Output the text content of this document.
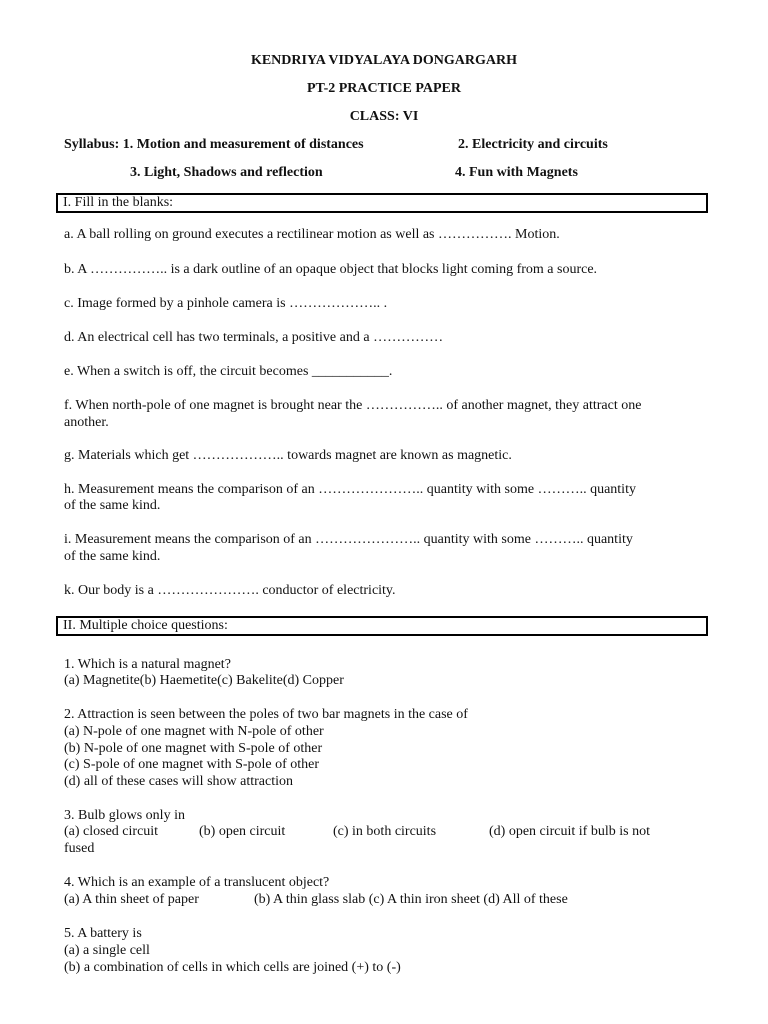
KENDRIYA VIDYALAYA DONGARGARH
PT-2 PRACTICE PAPER
CLASS: VI
Syllabus: 1. Motion and measurement of distances	2. Electricity and circuits
3. Light, Shadows and reflection	4. Fun with Magnets
I. Fill in the blanks:
a. A ball rolling on ground executes a rectilinear motion as well as ……………. Motion.
b. A …………….. is a dark outline of an opaque object that blocks light coming from a source.
c. Image formed by a pinhole camera is ……………….. .
d. An electrical cell has two terminals, a positive and a ……………
e. When a switch is off, the circuit becomes ___________.
f. When north-pole of one magnet is brought near the …………….. of another magnet, they attract one
another.
g. Materials which get ……………….. towards magnet are known as magnetic.
h. Measurement means the comparison of an ………………….. quantity with some ……….. quantity
of the same kind.
i. Measurement means the comparison of an ………………….. quantity with some ……….. quantity
of the same kind.
k. Our body is a …………………. conductor of electricity.
II. Multiple choice questions:
1. Which is a natural magnet?
(a) Magnetite(b) Haemetite(c) Bakelite(d) Copper
2. Attraction is seen between the poles of two bar magnets in the case of
(a) N-pole of one magnet with N-pole of other
(b) N-pole of one magnet with S-pole of other
(c) S-pole of one magnet with S-pole of other
(d) all of these cases will show attraction
3. Bulb glows only in
(a) closed circuit	(b) open circuit	(c) in both circuits	(d) open circuit if bulb is not
fused
4. Which is an example of a translucent object?
(a) A thin sheet of paper	(b) A thin glass slab (c) A thin iron sheet (d) All of these
5. A battery is
(a) a single cell
(b) a combination of cells in which cells are joined (+) to (-)
